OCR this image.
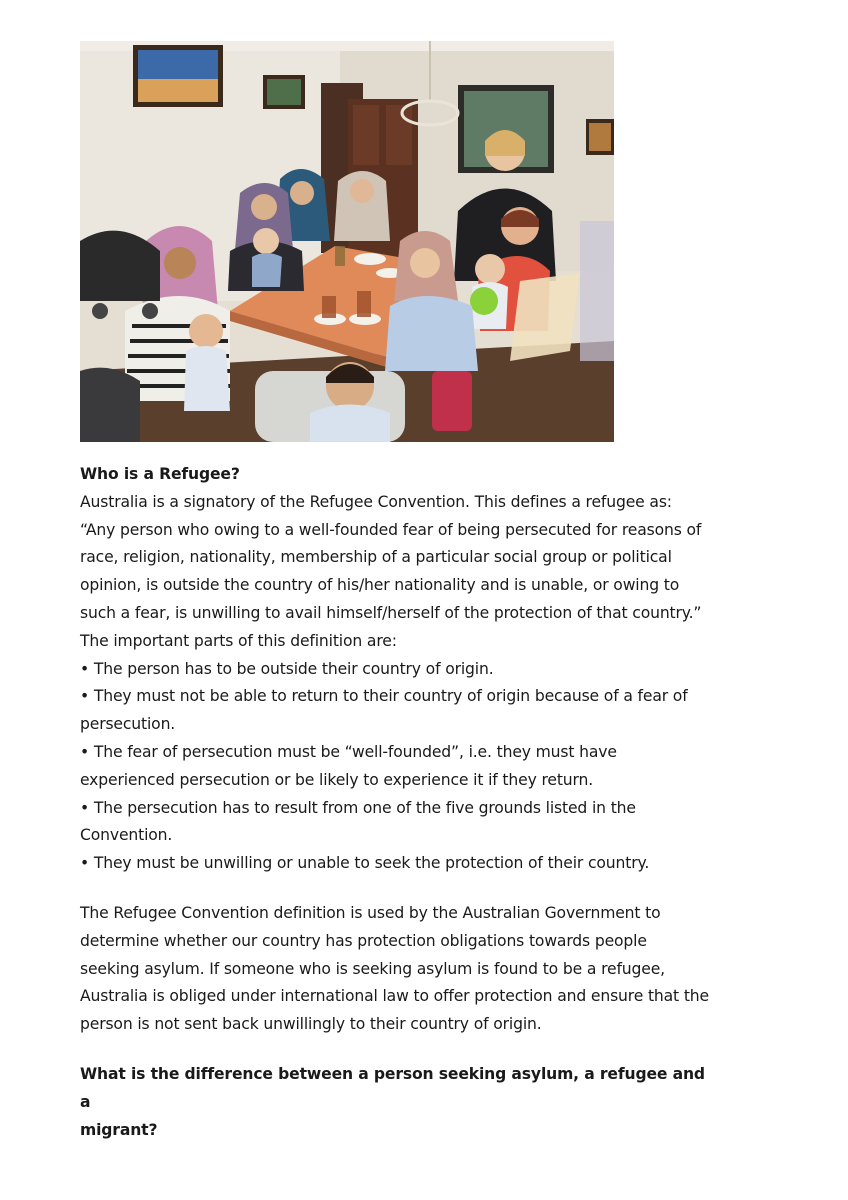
Who is a Refugee?

Australia is a signatory of the Refugee Convention. This defines a refugee as:

“Any person who owing to a well-founded fear of being persecuted for reasons of

race, religion, nationality, membership of a particular social group or political

opinion, is outside the country of his/her nationality and is unable, or owing to

such a fear, is unwilling to avail himself/herself of the protection of that country.”

The important parts of this definition are:

• The person has to be outside their country of origin.

• They must not be able to return to their country of origin because of a fear of

persecution.

• The fear of persecution must be “well-founded”, i.e. they must have

experienced persecution or be likely to experience it if they return.

• The persecution has to result from one of the five grounds listed in the

Convention.

• They must be unwilling or unable to seek the protection of their country.

The Refugee Convention definition is used by the Australian Government to

determine whether our country has protection obligations towards people

seeking asylum. If someone who is seeking asylum is found to be a refugee,

Australia is obliged under international law to offer protection and ensure that the

person is not sent back unwillingly to their country of origin.

What is the difference between a person seeking asylum, a refugee and a

migrant?
